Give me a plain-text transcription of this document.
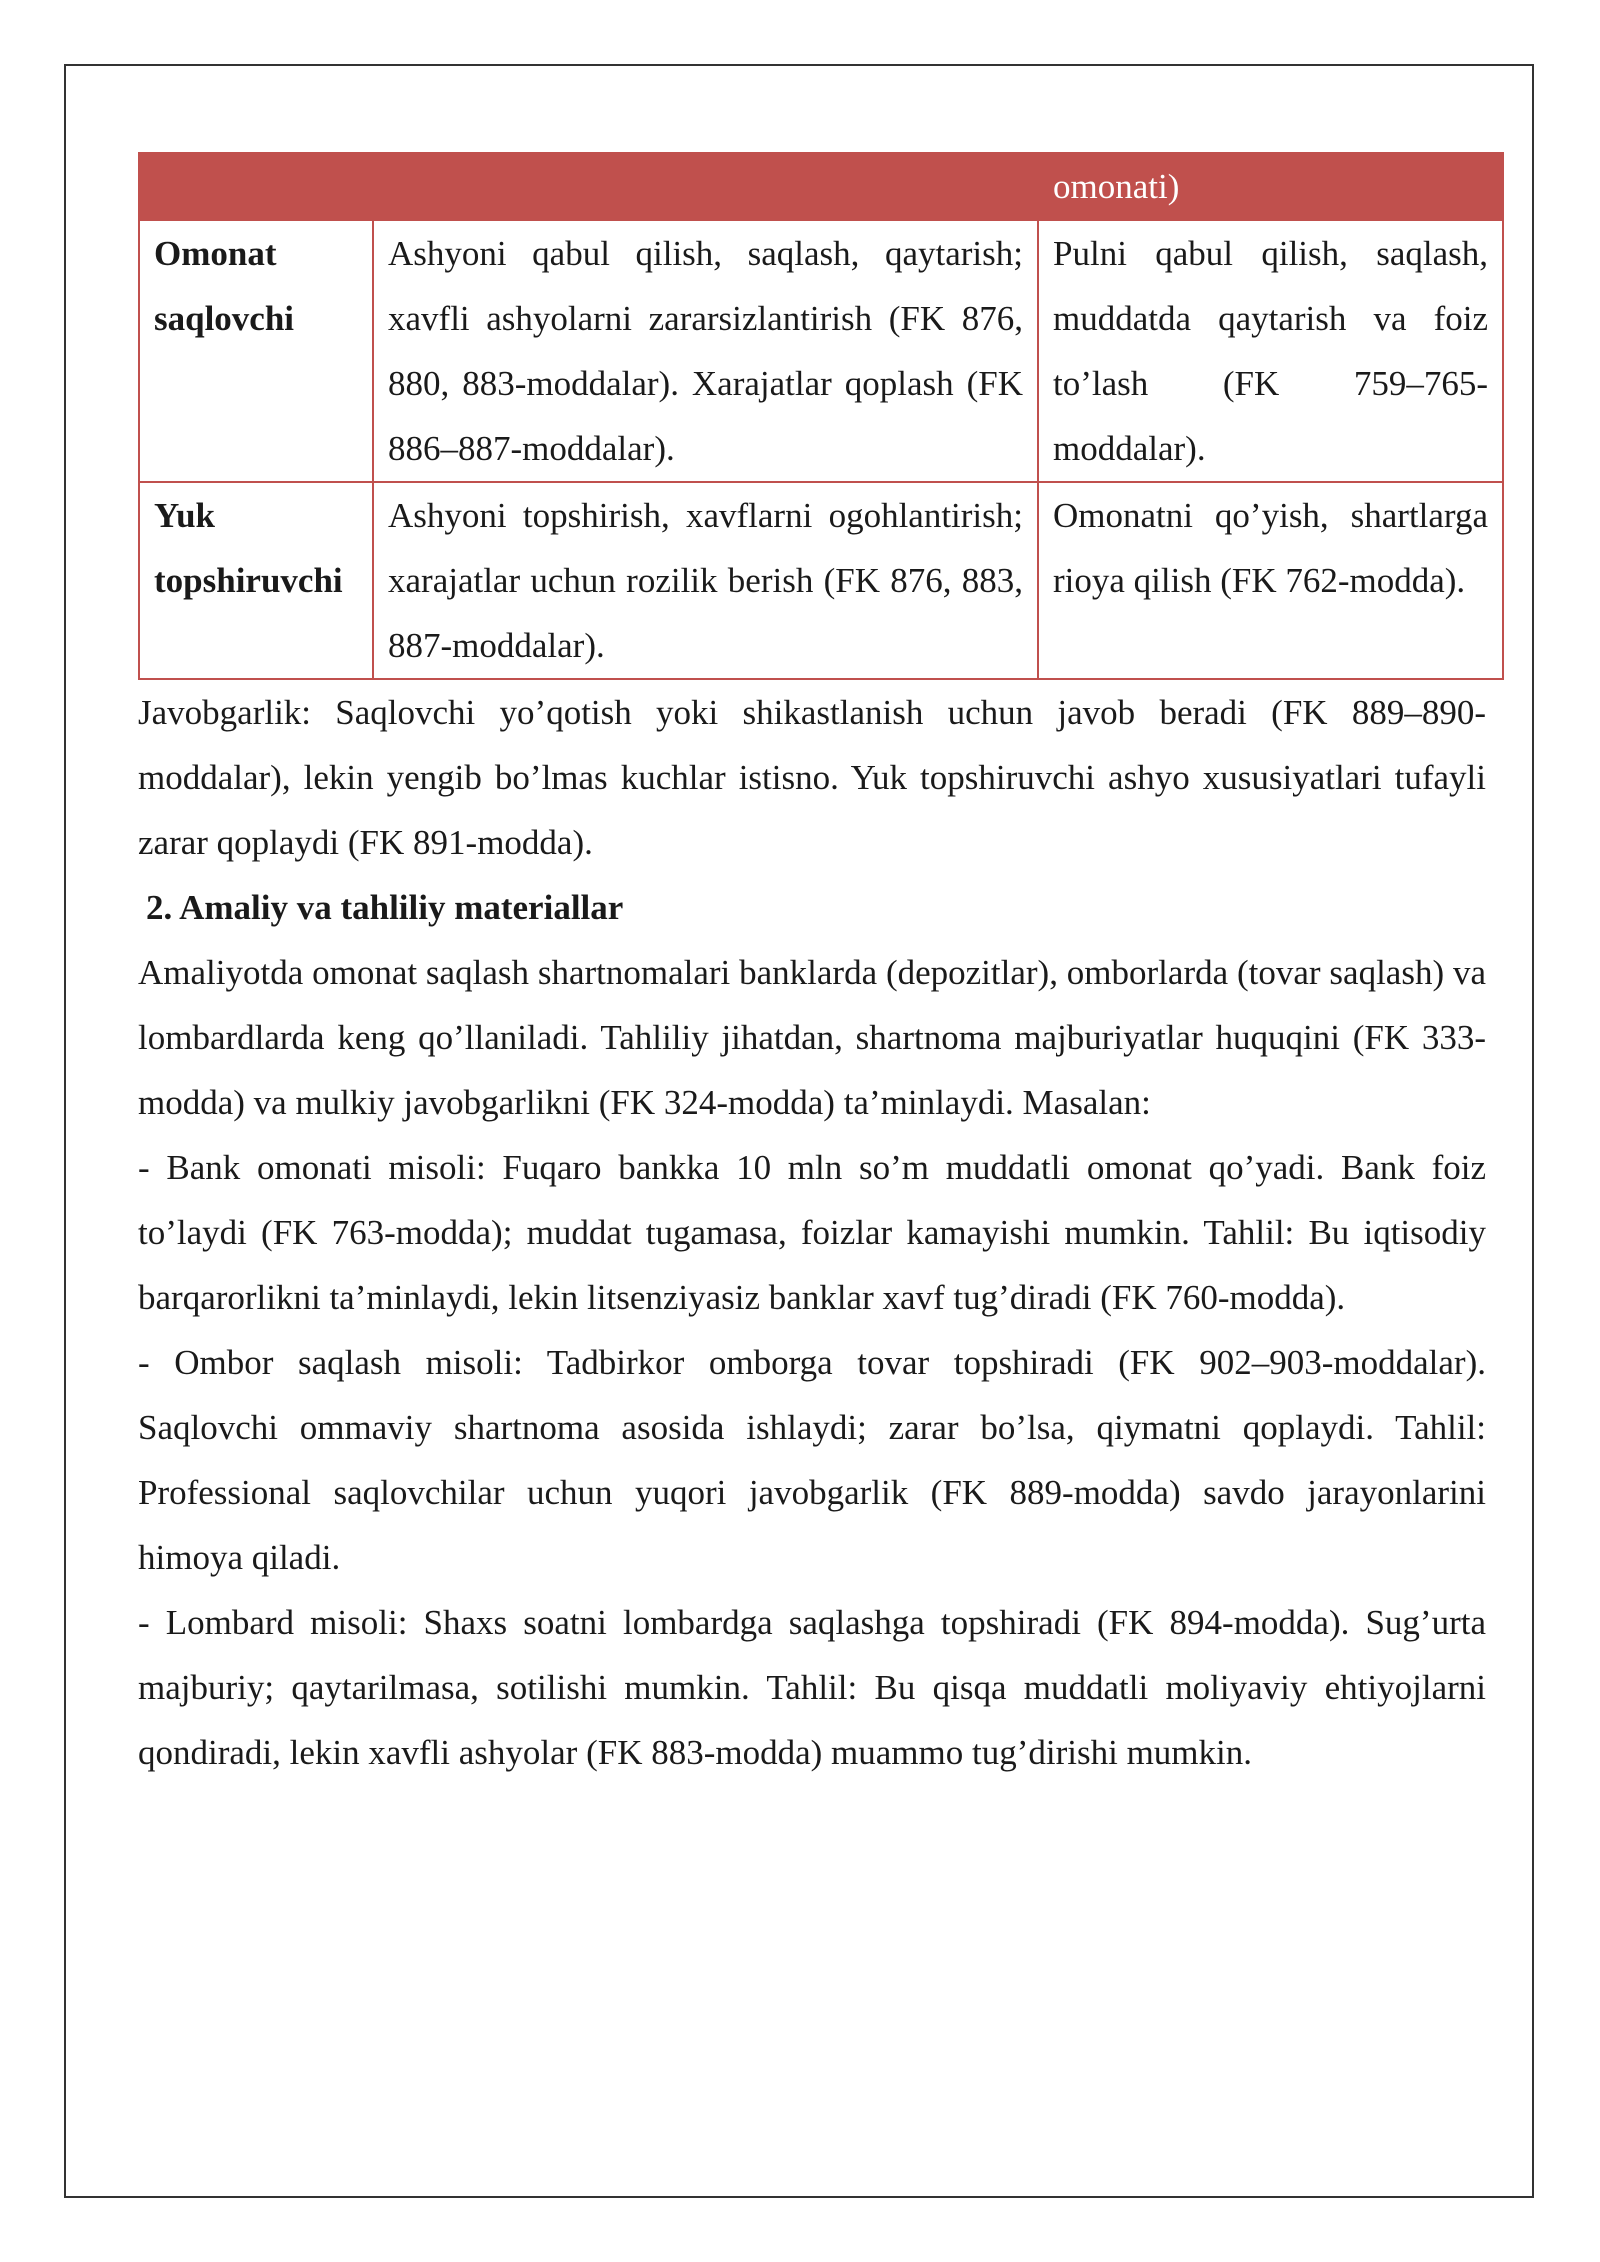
		omonati)
Omonat saqlovchi	Ashyoni qabul qilish, saqlash, qaytarish; xavfli ashyolarni zararsizlantirish (FK 876, 880, 883-moddalar). Xarajatlar qoplash (FK 886–887-moddalar).	Pulni qabul qilish, saqlash, muddatda qaytarish va foiz to’lash (FK 759–765-moddalar).
Yuk topshiruvchi	Ashyoni topshirish, xavflarni ogohlantirish; xarajatlar uchun rozilik berish (FK 876, 883, 887-moddalar).	Omonatni qo’yish, shartlarga rioya qilish (FK 762-modda).

Javobgarlik: Saqlovchi yo’qotish yoki shikastlanish uchun javob beradi (FK 889–890-moddalar), lekin yengib bo’lmas kuchlar istisno. Yuk topshiruvchi ashyo xususiyatlari tufayli zarar qoplaydi (FK 891-modda).

2. Amaliy va tahliliy materiallar

Amaliyotda omonat saqlash shartnomalari banklarda (depozitlar), omborlarda (tovar saqlash) va lombardlarda keng qo’llaniladi. Tahliliy jihatdan, shartnoma majburiyatlar huquqini (FK 333-modda) va mulkiy javobgarlikni (FK 324-modda) ta’minlaydi. Masalan:

- Bank omonati misoli: Fuqaro bankka 10 mln so’m muddatli omonat qo’yadi. Bank foiz to’laydi (FK 763-modda); muddat tugamasa, foizlar kamayishi mumkin. Tahlil: Bu iqtisodiy barqarorlikni ta’minlaydi, lekin litsenziyasiz banklar xavf tug’diradi (FK 760-modda).

- Ombor saqlash misoli: Tadbirkor omborga tovar topshiradi (FK 902–903-moddalar). Saqlovchi ommaviy shartnoma asosida ishlaydi; zarar bo’lsa, qiymatni qoplaydi. Tahlil: Professional saqlovchilar uchun yuqori javobgarlik (FK 889-modda) savdo jarayonlarini himoya qiladi.

- Lombard misoli: Shaxs soatni lombardga saqlashga topshiradi (FK 894-modda). Sug’urta majburiy; qaytarilmasa, sotilishi mumkin. Tahlil: Bu qisqa muddatli moliyaviy ehtiyojlarni qondiradi, lekin xavfli ashyolar (FK 883-modda) muammo tug’dirishi mumkin.
